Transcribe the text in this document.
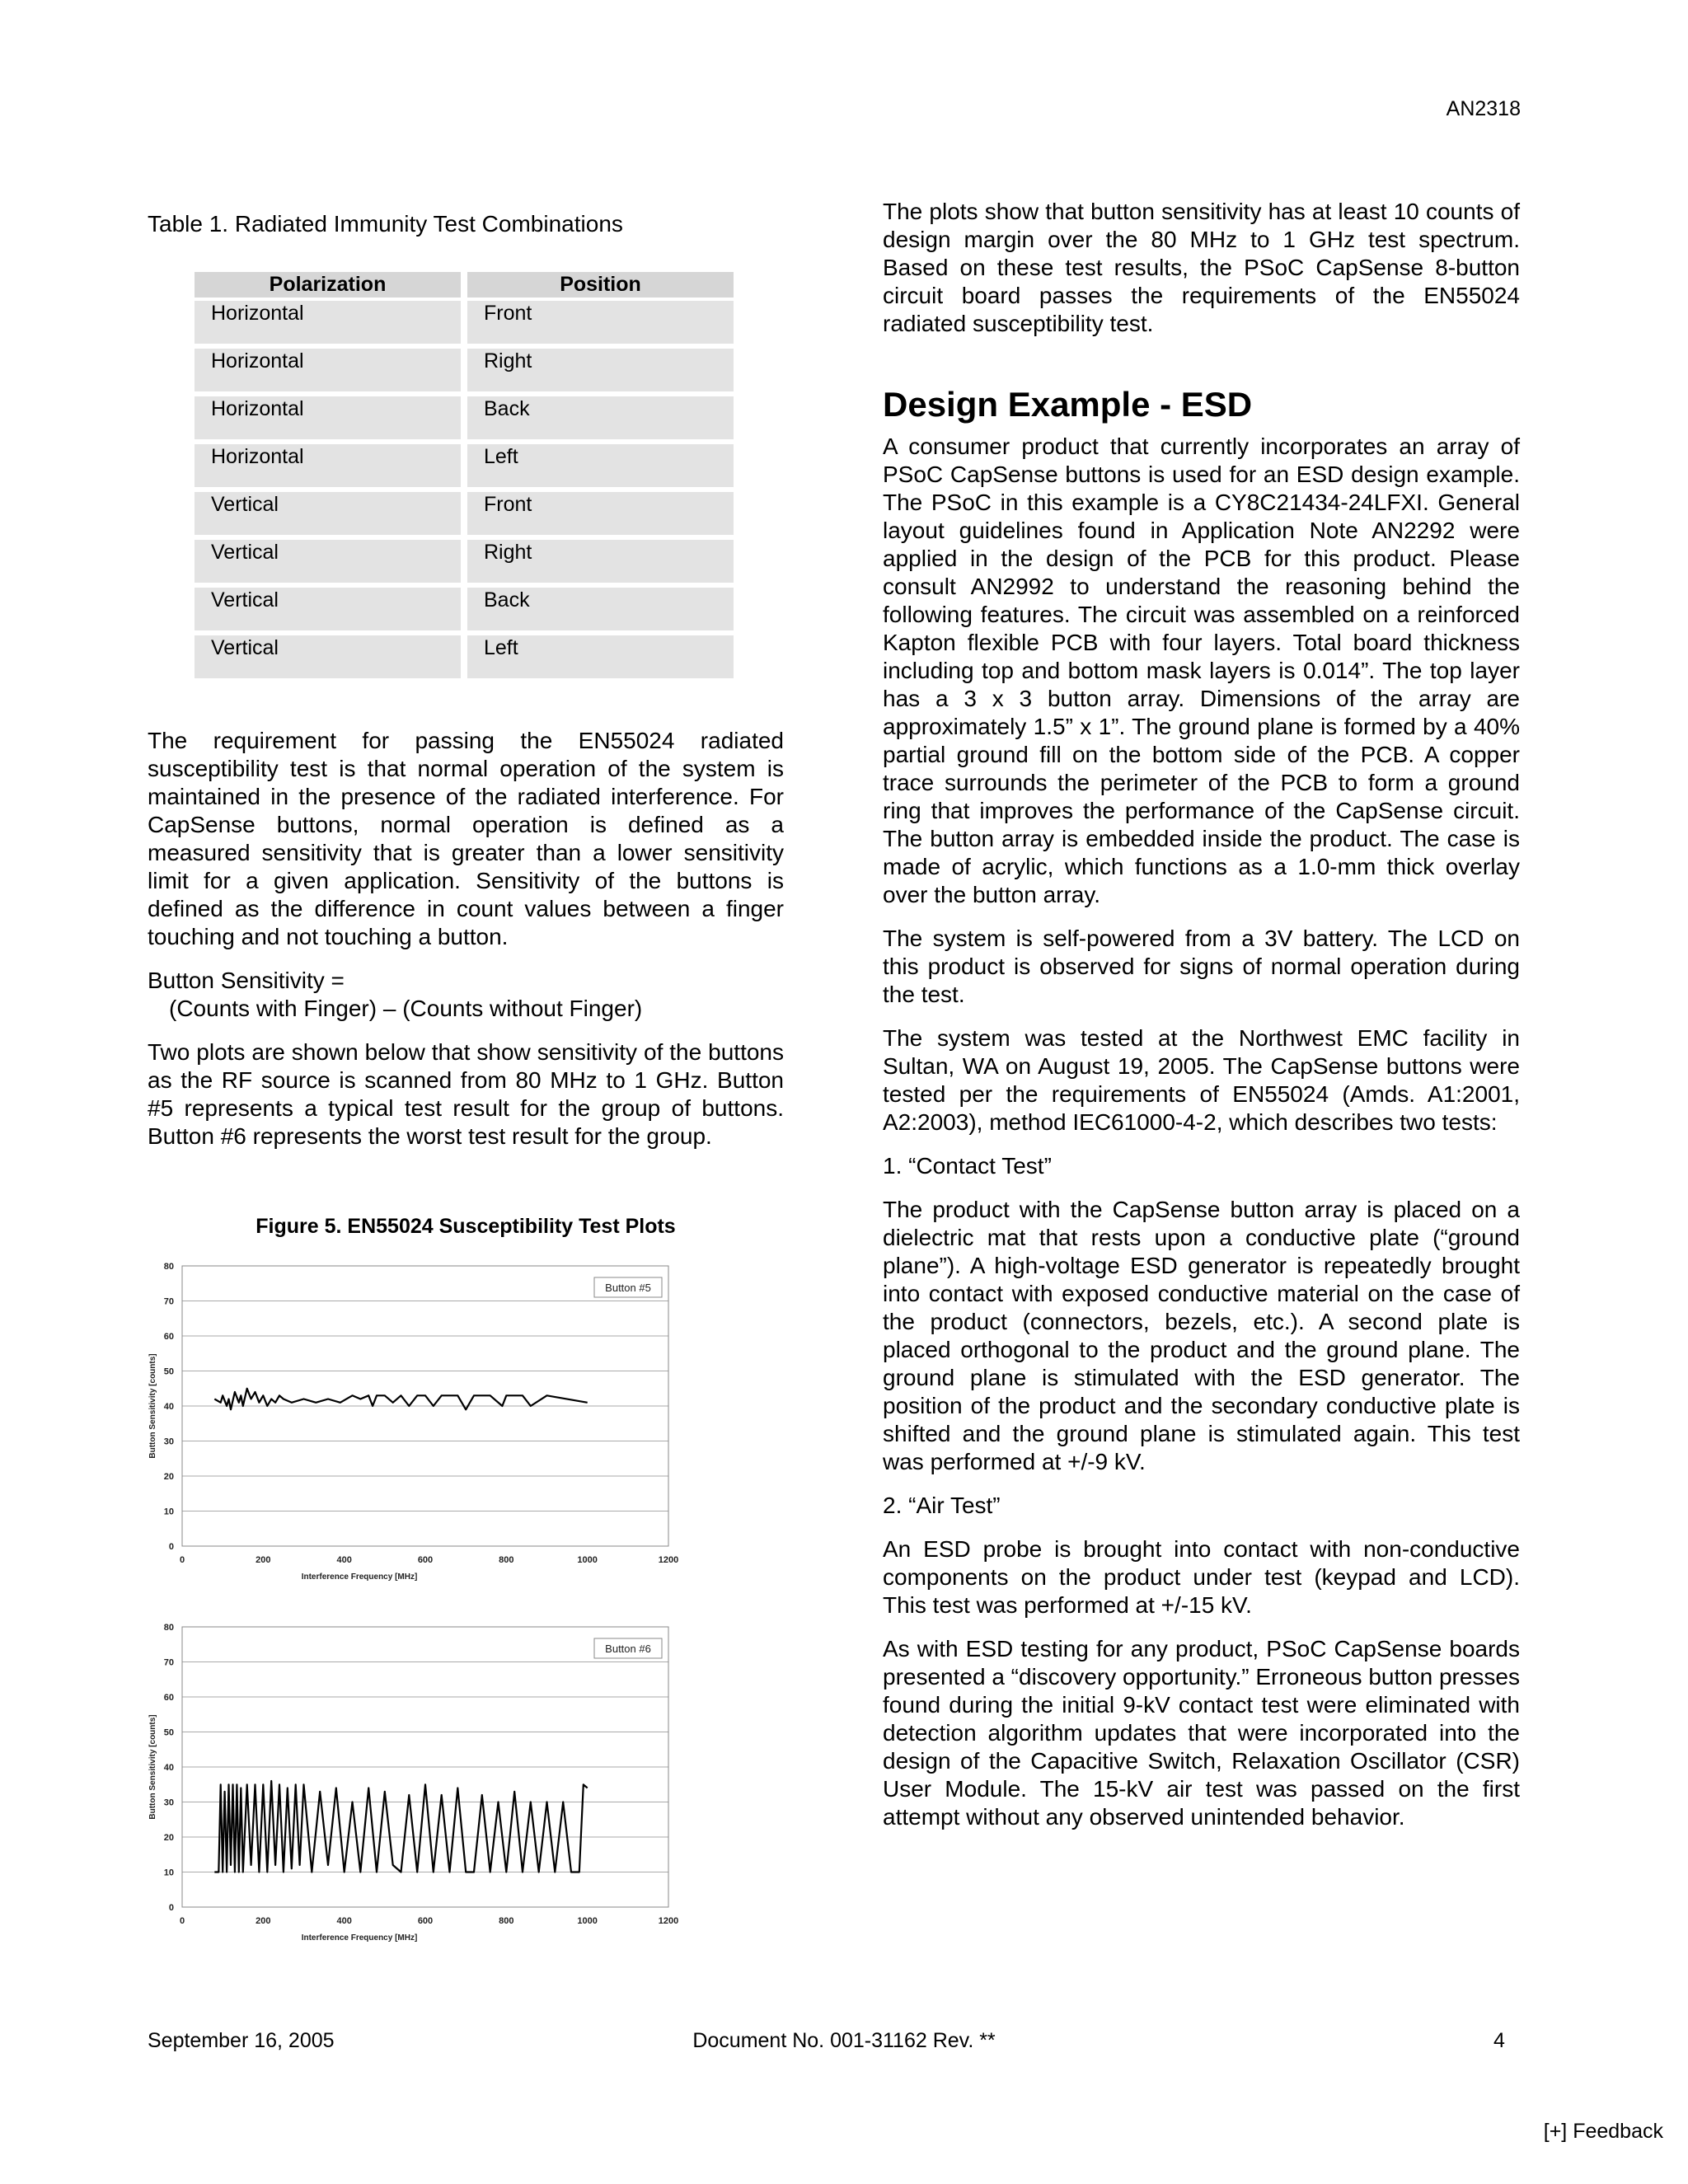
AN2318

Table 1. Radiated Immunity Test Combinations

Polarization	Position
Horizontal	Front
Horizontal	Right
Horizontal	Back
Horizontal	Left
Vertical	Front
Vertical	Right
Vertical	Back
Vertical	Left

The requirement for passing the EN55024 radiated susceptibility test is that normal operation of the system is maintained in the presence of the radiated interference. For CapSense buttons, normal operation is defined as a measured sensitivity that is greater than a lower sensitivity limit for a given application. Sensitivity of the buttons is defined as the difference in count values between a finger touching and not touching a button.

Button Sensitivity =

(Counts with Finger) – (Counts without Finger)

Two plots are shown below that show sensitivity of the buttons as the RF source is scanned from 80 MHz to 1 GHz. Button #5 represents a typical test result for the group of buttons. Button #6 represents the worst test result for the group.

Figure 5. EN55024 Susceptibility Test Plots
0
10
20
30
40
50
60
70
80
0	200	400	600	800	1000	1200
Interference Frequency [MHz]
Button Sensitivity [counts]
Button #5
0
10
20
30
40
50
60
70
80
0	200	400	600	800	1000	1200
Interference Frequency [MHz]
Button Sensitivity [counts]
Button #6

The plots show that button sensitivity has at least 10 counts of design margin over the 80 MHz to 1 GHz test spectrum. Based on these test results, the PSoC CapSense 8-button circuit board passes the requirements of the EN55024 radiated susceptibility test.

Design Example - ESD

A consumer product that currently incorporates an array of PSoC CapSense buttons is used for an ESD design example. The PSoC in this example is a CY8C21434-24LFXI. General layout guidelines found in Application Note AN2292 were applied in the design of the PCB for this product. Please consult AN2992 to understand the reasoning behind the following features. The circuit was assembled on a reinforced Kapton flexible PCB with four layers. Total board thickness including top and bottom mask layers is 0.014”. The top layer has a 3 x 3 button array. Dimensions of the array are approximately 1.5” x 1”. The ground plane is formed by a 40% partial ground fill on the bottom side of the PCB. A copper trace surrounds the perimeter of the PCB to form a ground ring that improves the performance of the CapSense circuit. The button array is embedded inside the product. The case is made of acrylic, which functions as a 1.0-mm thick overlay over the button array.

The system is self-powered from a 3V battery. The LCD on this product is observed for signs of normal operation during the test.

The system was tested at the Northwest EMC facility in Sultan, WA on August 19, 2005. The CapSense buttons were tested per the requirements of EN55024 (Amds. A1:2001, A2:2003), method IEC61000-4-2, which describes two tests:

1. “Contact Test”

The product with the CapSense button array is placed on a dielectric mat that rests upon a conductive plate (“ground plane”). A high-voltage ESD generator is repeatedly brought into contact with exposed conductive material on the case of the product (connectors, bezels, etc.). A second plate is placed orthogonal to the product and the ground plane. The ground plane is stimulated with the ESD generator. The position of the product and the secondary conductive plate is shifted and the ground plane is stimulated again. This test was performed at +/-9 kV.

2. “Air Test”

An ESD probe is brought into contact with non-conductive components on the product under test (keypad and LCD). This test was performed at +/-15 kV.

As with ESD testing for any product, PSoC CapSense boards presented a “discovery opportunity.” Erroneous button presses found during the initial 9-kV contact test were eliminated with detection algorithm updates that were incorporated into the design of the Capacitive Switch, Relaxation Oscillator (CSR) User Module. The 15-kV air test was passed on the first attempt without any observed unintended behavior.

September 16, 2005	Document No. 001-31162 Rev. **	4
[+] Feedback
